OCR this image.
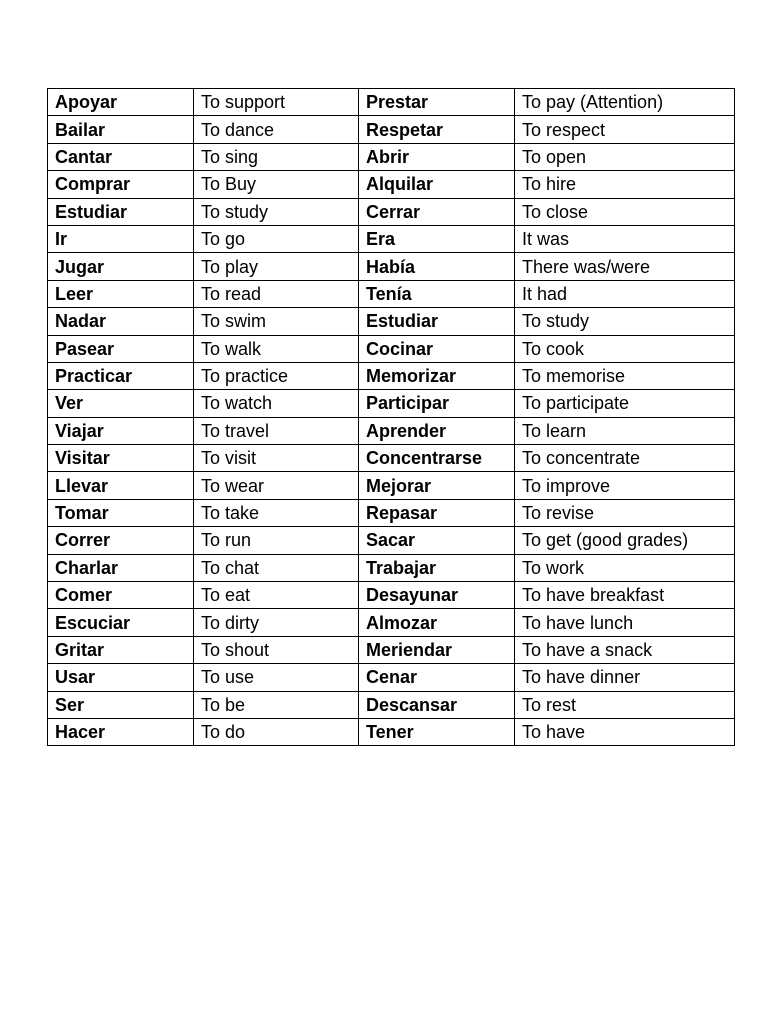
Apoyar	To support	Prestar	To pay (Attention)
Bailar	To dance	Respetar	To respect
Cantar	To sing	Abrir	To open
Comprar	To Buy	Alquilar	To hire
Estudiar	To study	Cerrar	To close
Ir	To go	Era	It was
Jugar	To play	Había	There was/were
Leer	To read	Tenía	It had
Nadar	To swim	Estudiar	To study
Pasear	To walk	Cocinar	To cook
Practicar	To practice	Memorizar	To memorise
Ver	To watch	Participar	To participate
Viajar	To travel	Aprender	To learn
Visitar	To visit	Concentrarse	To concentrate
Llevar	To wear	Mejorar	To improve
Tomar	To take	Repasar	To revise
Correr	To run	Sacar	To get (good grades)
Charlar	To chat	Trabajar	To work
Comer	To eat	Desayunar	To have breakfast
Escuciar	To dirty	Almozar	To have lunch
Gritar	To shout	Meriendar	To have a snack
Usar	To use	Cenar	To have dinner
Ser	To be	Descansar	To rest
Hacer	To do	Tener	To have
